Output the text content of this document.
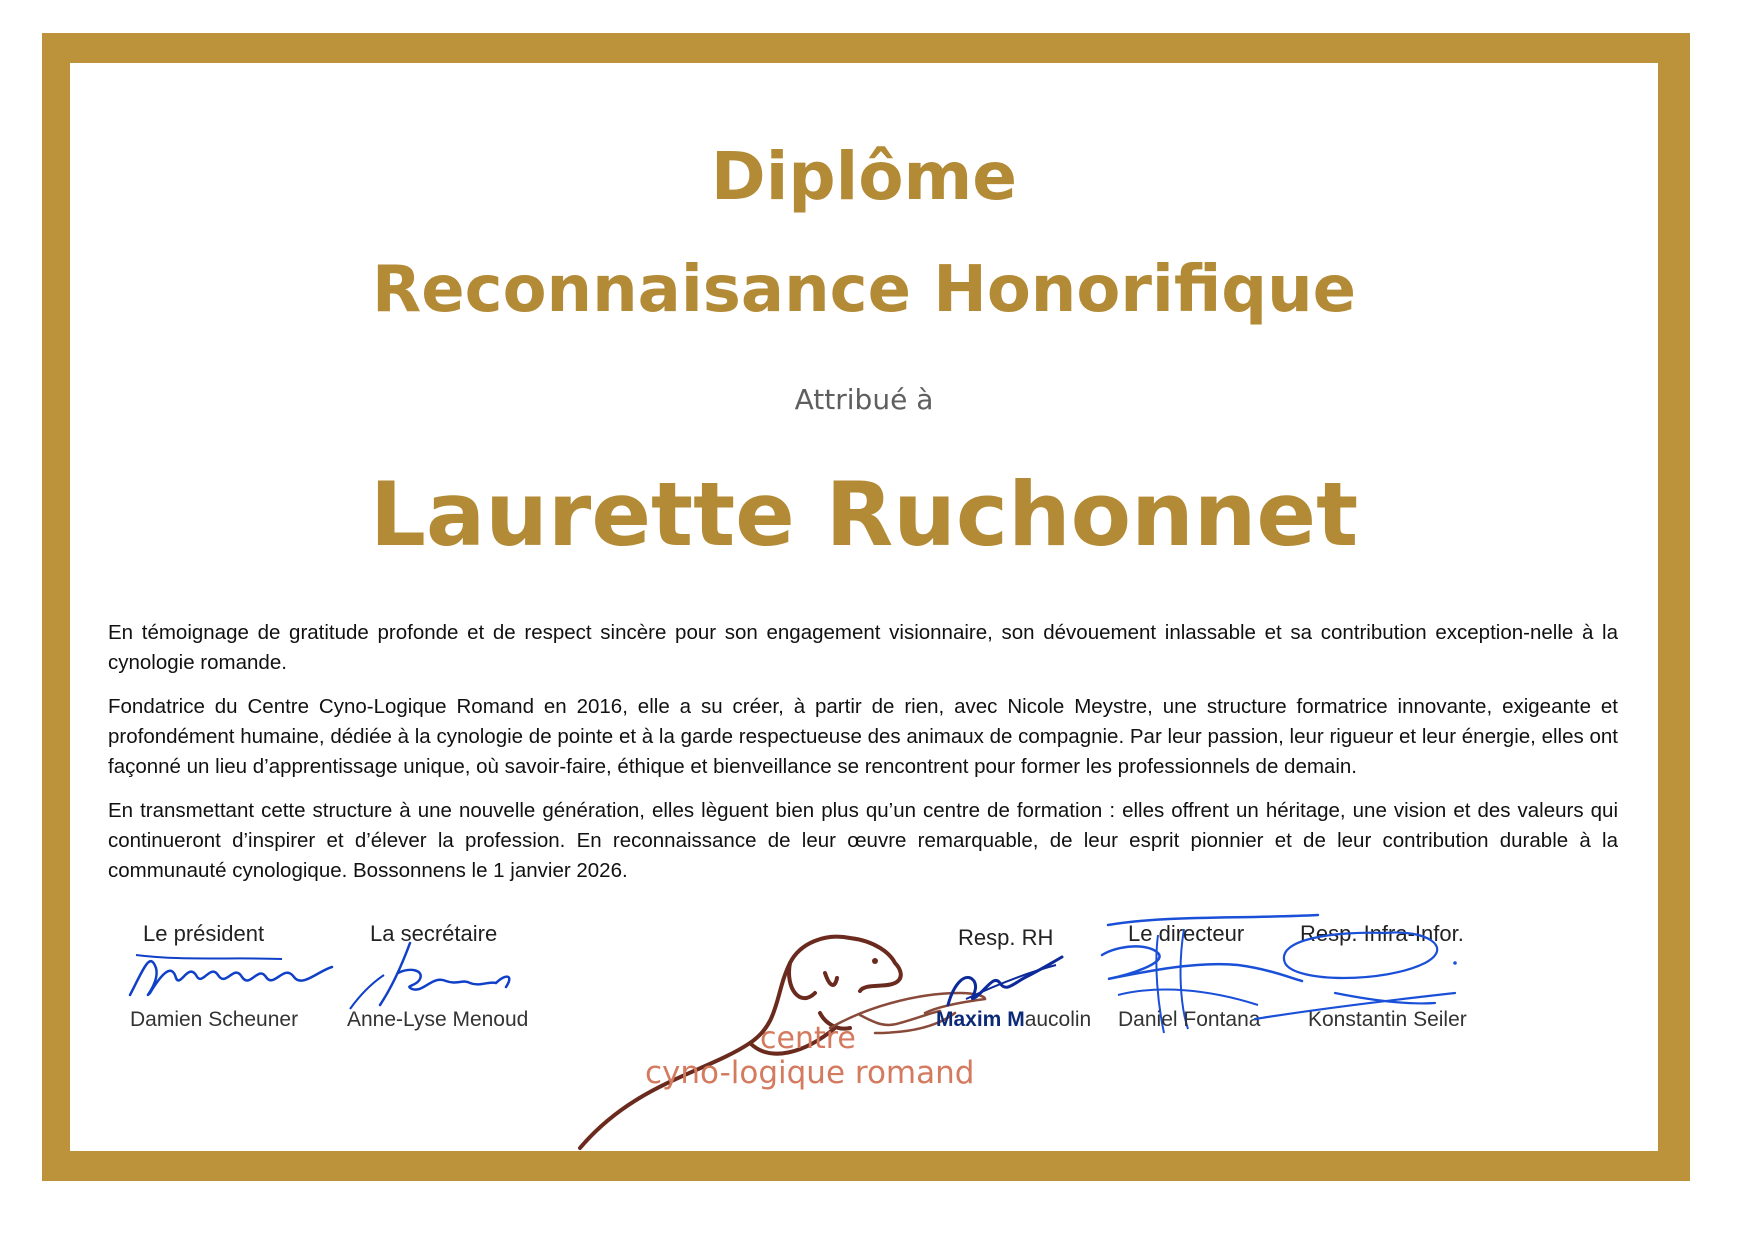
Diplôme
Reconnaisance Honorifique
Attribué à
Laurette Ruchonnet

En témoignage de gratitude profonde et de respect sincère pour son engagement visionnaire, son dévouement inlassable et sa contribution exception-nelle à la cynologie romande.

Fondatrice du Centre Cyno-Logique Romand en 2016, elle a su créer, à partir de rien, avec Nicole Meystre, une structure formatrice innovante, exigeante et profondément humaine, dédiée à la cynologie de pointe et à la garde respectueuse des animaux de compagnie. Par leur passion, leur rigueur et leur énergie, elles ont façonné un lieu d’apprentissage unique, où savoir-faire, éthique et bienveillance se rencontrent pour former les professionnels de demain.

En transmettant cette structure à une nouvelle génération, elles lèguent bien plus qu’un centre de formation : elles offrent un héritage, une vision et des valeurs qui continueront d’inspirer et d’élever la profession. En reconnaissance de leur œuvre remarquable, de leur esprit pionnier et de leur contribution durable à la communauté cynologique. Bossonnens le 1 janvier 2026.

centre
cyno-logique romand
Le président
Damien Scheuner
La secrétaire
Anne-Lyse Menoud
Resp. RH
Maxim Maucolin
Le directeur
Daniel Fontana
Resp. Infra-Infor.
Konstantin Seiler
